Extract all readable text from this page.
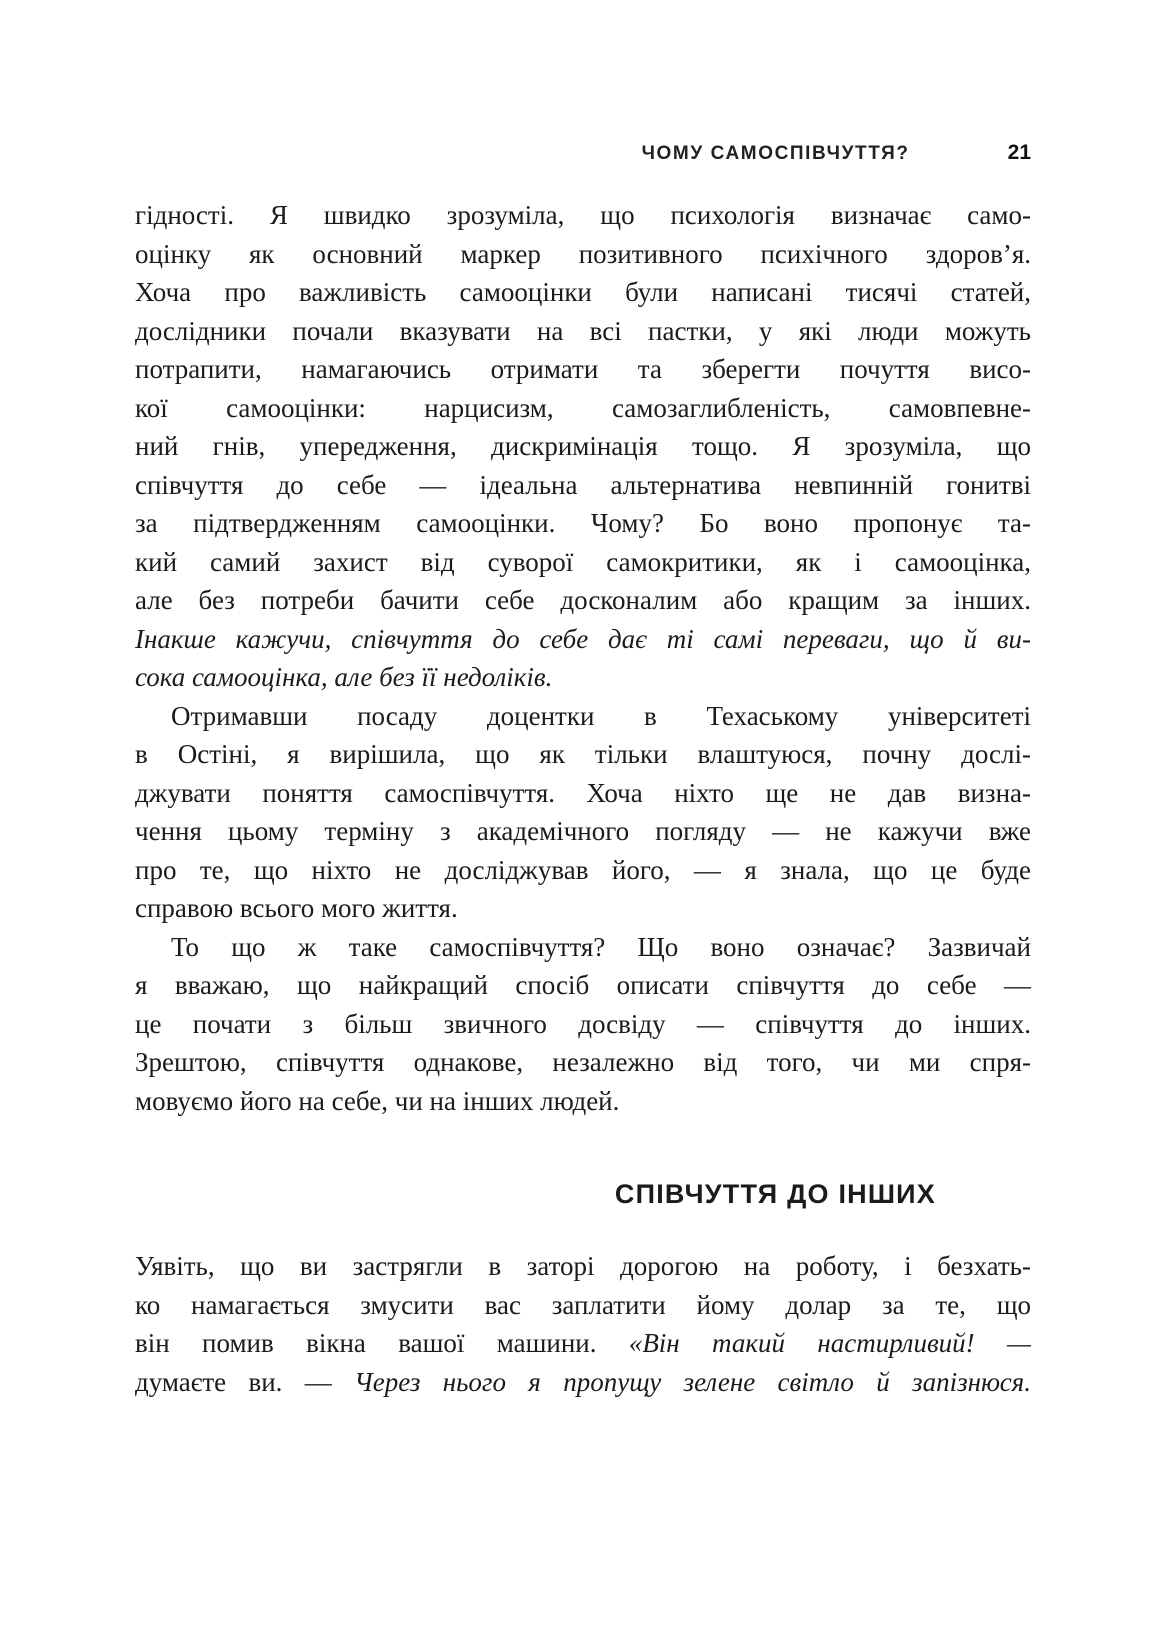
ЧОМУ САМОСПІВЧУТТЯ?	21
гідності. Я швидко зрозуміла, що психологія визначає само-
оцінку як основний маркер позитивного психічного здоров’я.
Хоча про важливість самооцінки були написані тисячі статей,
дослідники почали вказувати на всі пастки, у які люди можуть
потрапити, намагаючись отримати та зберегти почуття висо-
кої самооцінки: нарцисизм, самозаглибленість, самовпевне-
ний гнів, упередження, дискримінація тощо. Я зрозуміла, що
співчуття до себе — ідеальна альтернатива невпинній гонитві
за підтвердженням самооцінки. Чому? Бо воно пропонує та-
кий самий захист від суворої самокритики, як і самооцінка,
але без потреби бачити себе досконалим або кращим за інших.
Інакше кажучи, співчуття до себе дає ті самі переваги, що й ви-
сока самооцінка, але без її недоліків.
Отримавши посаду доцентки в Техаському університеті
в Остіні, я вирішила, що як тільки влаштуюся, почну дослі-
джувати поняття самоспівчуття. Хоча ніхто ще не дав визна-
чення цьому терміну з академічного погляду — не кажучи вже
про те, що ніхто не досліджував його, — я знала, що це буде
справою всього мого життя.
То що ж таке самоспівчуття? Що воно означає? Зазвичай
я вважаю, що найкращий спосіб описати співчуття до себе —
це почати з більш звичного досвіду — співчуття до інших.
Зрештою, співчуття однакове, незалежно від того, чи ми спря-
мовуємо його на себе, чи на інших людей.
СПІВЧУТТЯ ДО ІНШИХ
Уявіть, що ви застрягли в заторі дорогою на роботу, і безхать-
ко намагається змусити вас заплатити йому долар за те, що
він помив вікна вашої машини. «Він такий настирливий! —
думаєте ви. — Через нього я пропущу зелене світло й запізнюся.
